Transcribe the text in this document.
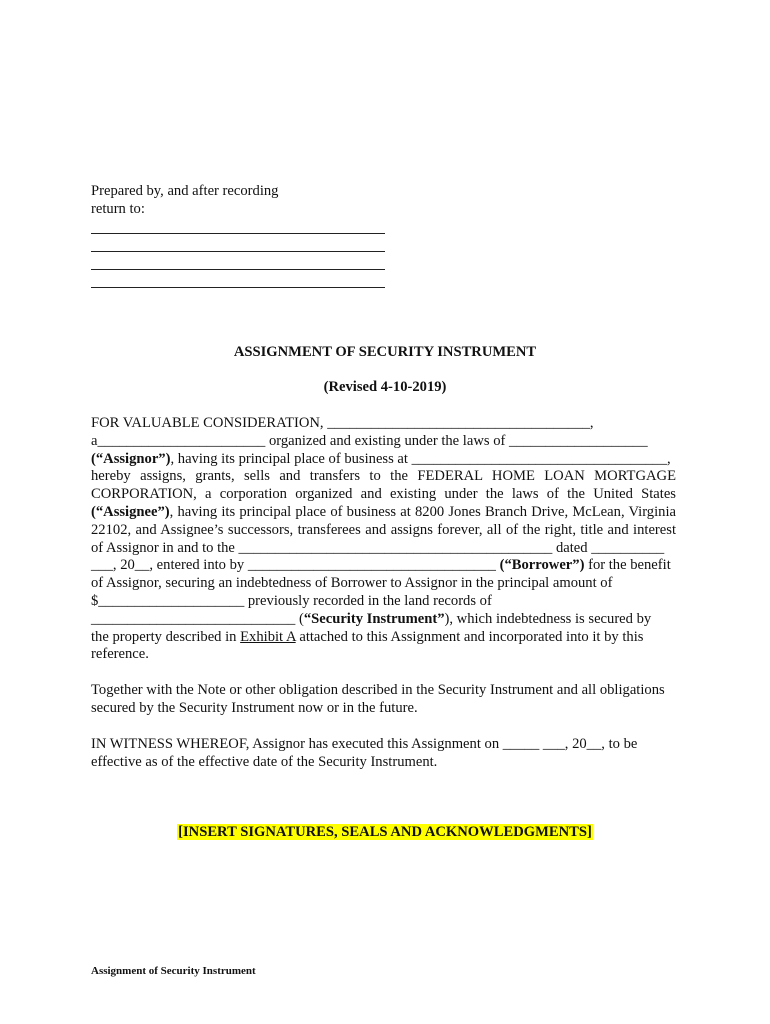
Prepared by, and after recording
return to:
ASSIGNMENT OF SECURITY INSTRUMENT
(Revised 4-10-2019)
FOR VALUABLE CONSIDERATION, ____________________________________,
a_______________________ organized and existing under the laws of ___________________
(“Assignor”), having its principal place of business at ___________________________________,
hereby assigns, grants, sells and transfers to the FEDERAL HOME LOAN MORTGAGE
CORPORATION, a corporation organized and existing under the laws of the United States
(“Assignee”), having its principal place of business at 8200 Jones Branch Drive, McLean, Virginia
22102, and Assignee’s successors, transferees and assigns forever, all of the right, title and interest
of Assignor in and to the ___________________________________________ dated __________
___, 20__, entered into by __________________________________ (“Borrower”) for the benefit
of Assignor, securing an indebtedness of Borrower to Assignor in the principal amount of
$____________________ previously recorded in the land records of
____________________________ (“Security Instrument”), which indebtedness is secured by
the property described in Exhibit A attached to this Assignment and incorporated into it by this
reference.
Together with the Note or other obligation described in the Security Instrument and all obligations
secured by the Security Instrument now or in the future.
IN WITNESS WHEREOF, Assignor has executed this Assignment on _____ ___, 20__, to be
effective as of the effective date of the Security Instrument.
[INSERT SIGNATURES, SEALS AND ACKNOWLEDGMENTS]
Assignment of Security Instrument
